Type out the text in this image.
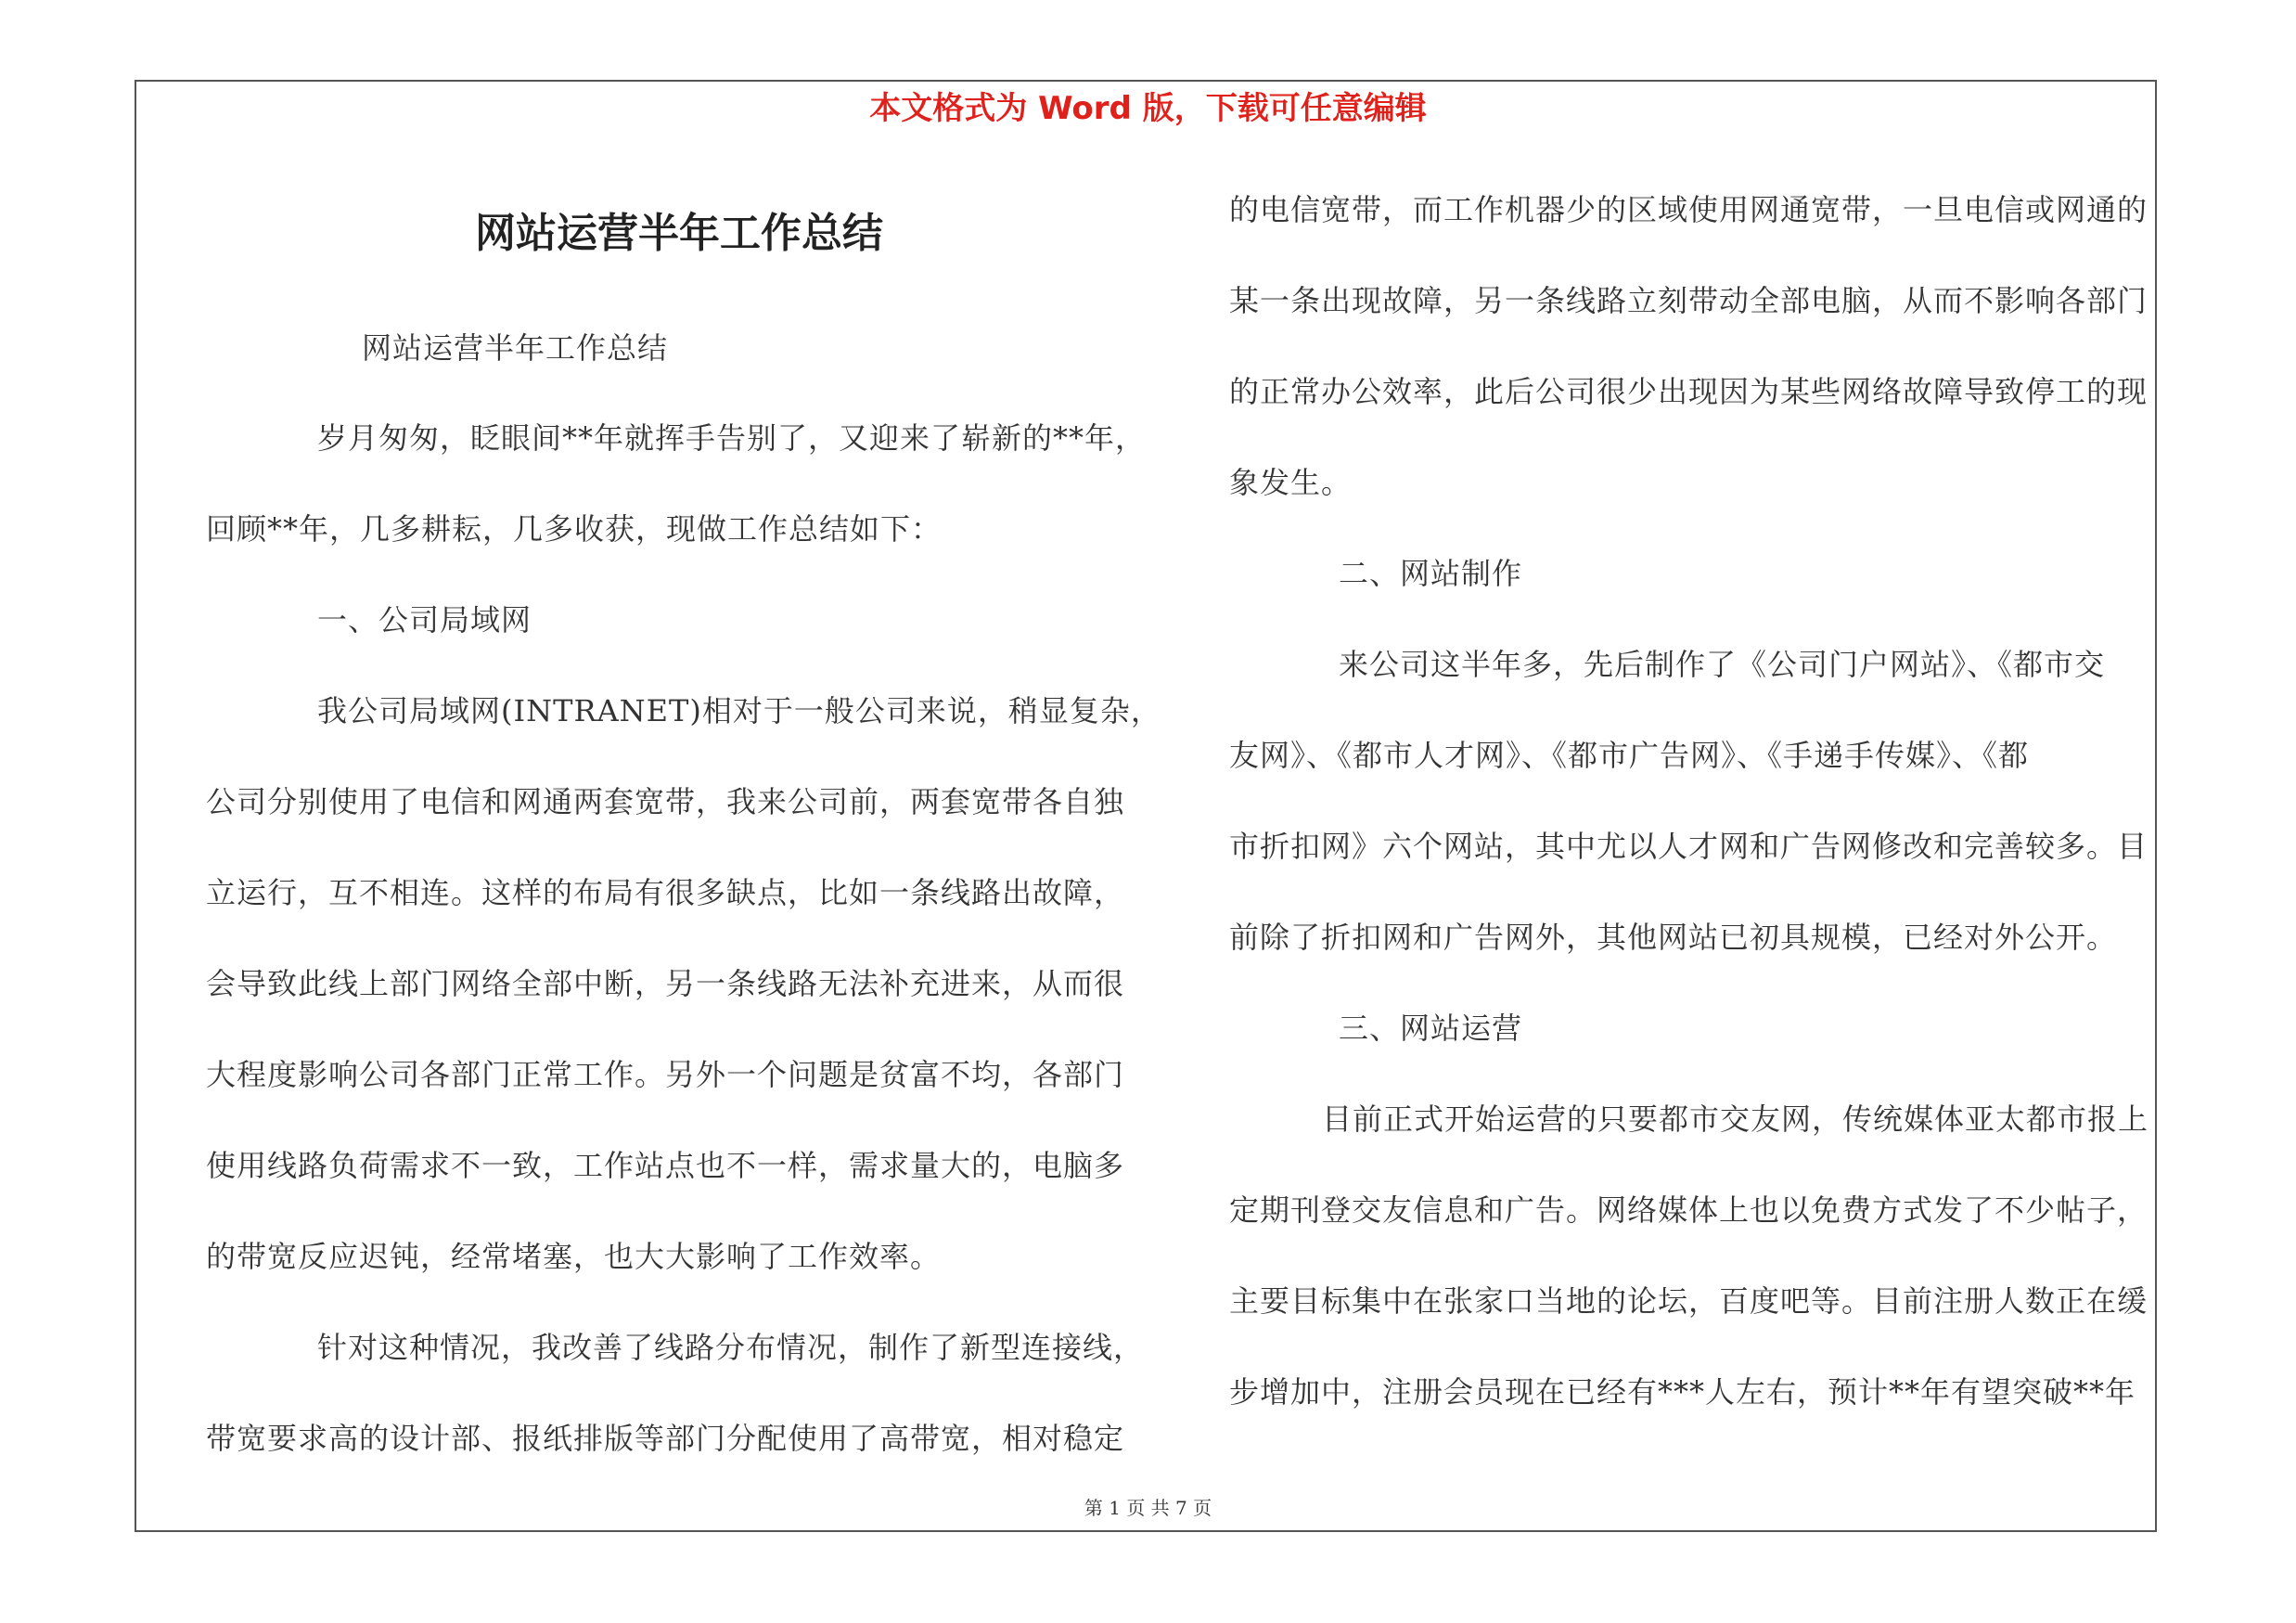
本文格式为 Word 版，下载可任意编辑
网站运营半年工作总结
网站运营半年工作总结
岁月匆匆，眨眼间**年就挥手告别了，又迎来了崭新的**年，
回顾**年，几多耕耘，几多收获，现做工作总结如下：
一、公司局域网
我公司局域网(INTRANET)相对于一般公司来说，稍显复杂，
公司分别使用了电信和网通两套宽带，我来公司前，两套宽带各自独
立运行，互不相连。这样的布局有很多缺点，比如一条线路出故障，
会导致此线上部门网络全部中断，另一条线路无法补充进来，从而很
大程度影响公司各部门正常工作。另外一个问题是贫富不均，各部门
使用线路负荷需求不一致，工作站点也不一样，需求量大的，电脑多
的带宽反应迟钝，经常堵塞，也大大影响了工作效率。
针对这种情况，我改善了线路分布情况，制作了新型连接线，
带宽要求高的设计部、报纸排版等部门分配使用了高带宽，相对稳定
的电信宽带，而工作机器少的区域使用网通宽带，一旦电信或网通的
某一条出现故障，另一条线路立刻带动全部电脑，从而不影响各部门
的正常办公效率，此后公司很少出现因为某些网络故障导致停工的现
象发生。
二、网站制作
来公司这半年多，先后制作了《公司门户网站》、《都市交
友网》、《都市人才网》、《都市广告网》、《手递手传媒》、《都
市折扣网》六个网站，其中尤以人才网和广告网修改和完善较多。目
前除了折扣网和广告网外，其他网站已初具规模，已经对外公开。
三、网站运营
目前正式开始运营的只要都市交友网，传统媒体亚太都市报上
定期刊登交友信息和广告。网络媒体上也以免费方式发了不少帖子，
主要目标集中在张家口当地的论坛，百度吧等。目前注册人数正在缓
步增加中，注册会员现在已经有***人左右，预计**年有望突破**年
第 1 页 共 7 页
